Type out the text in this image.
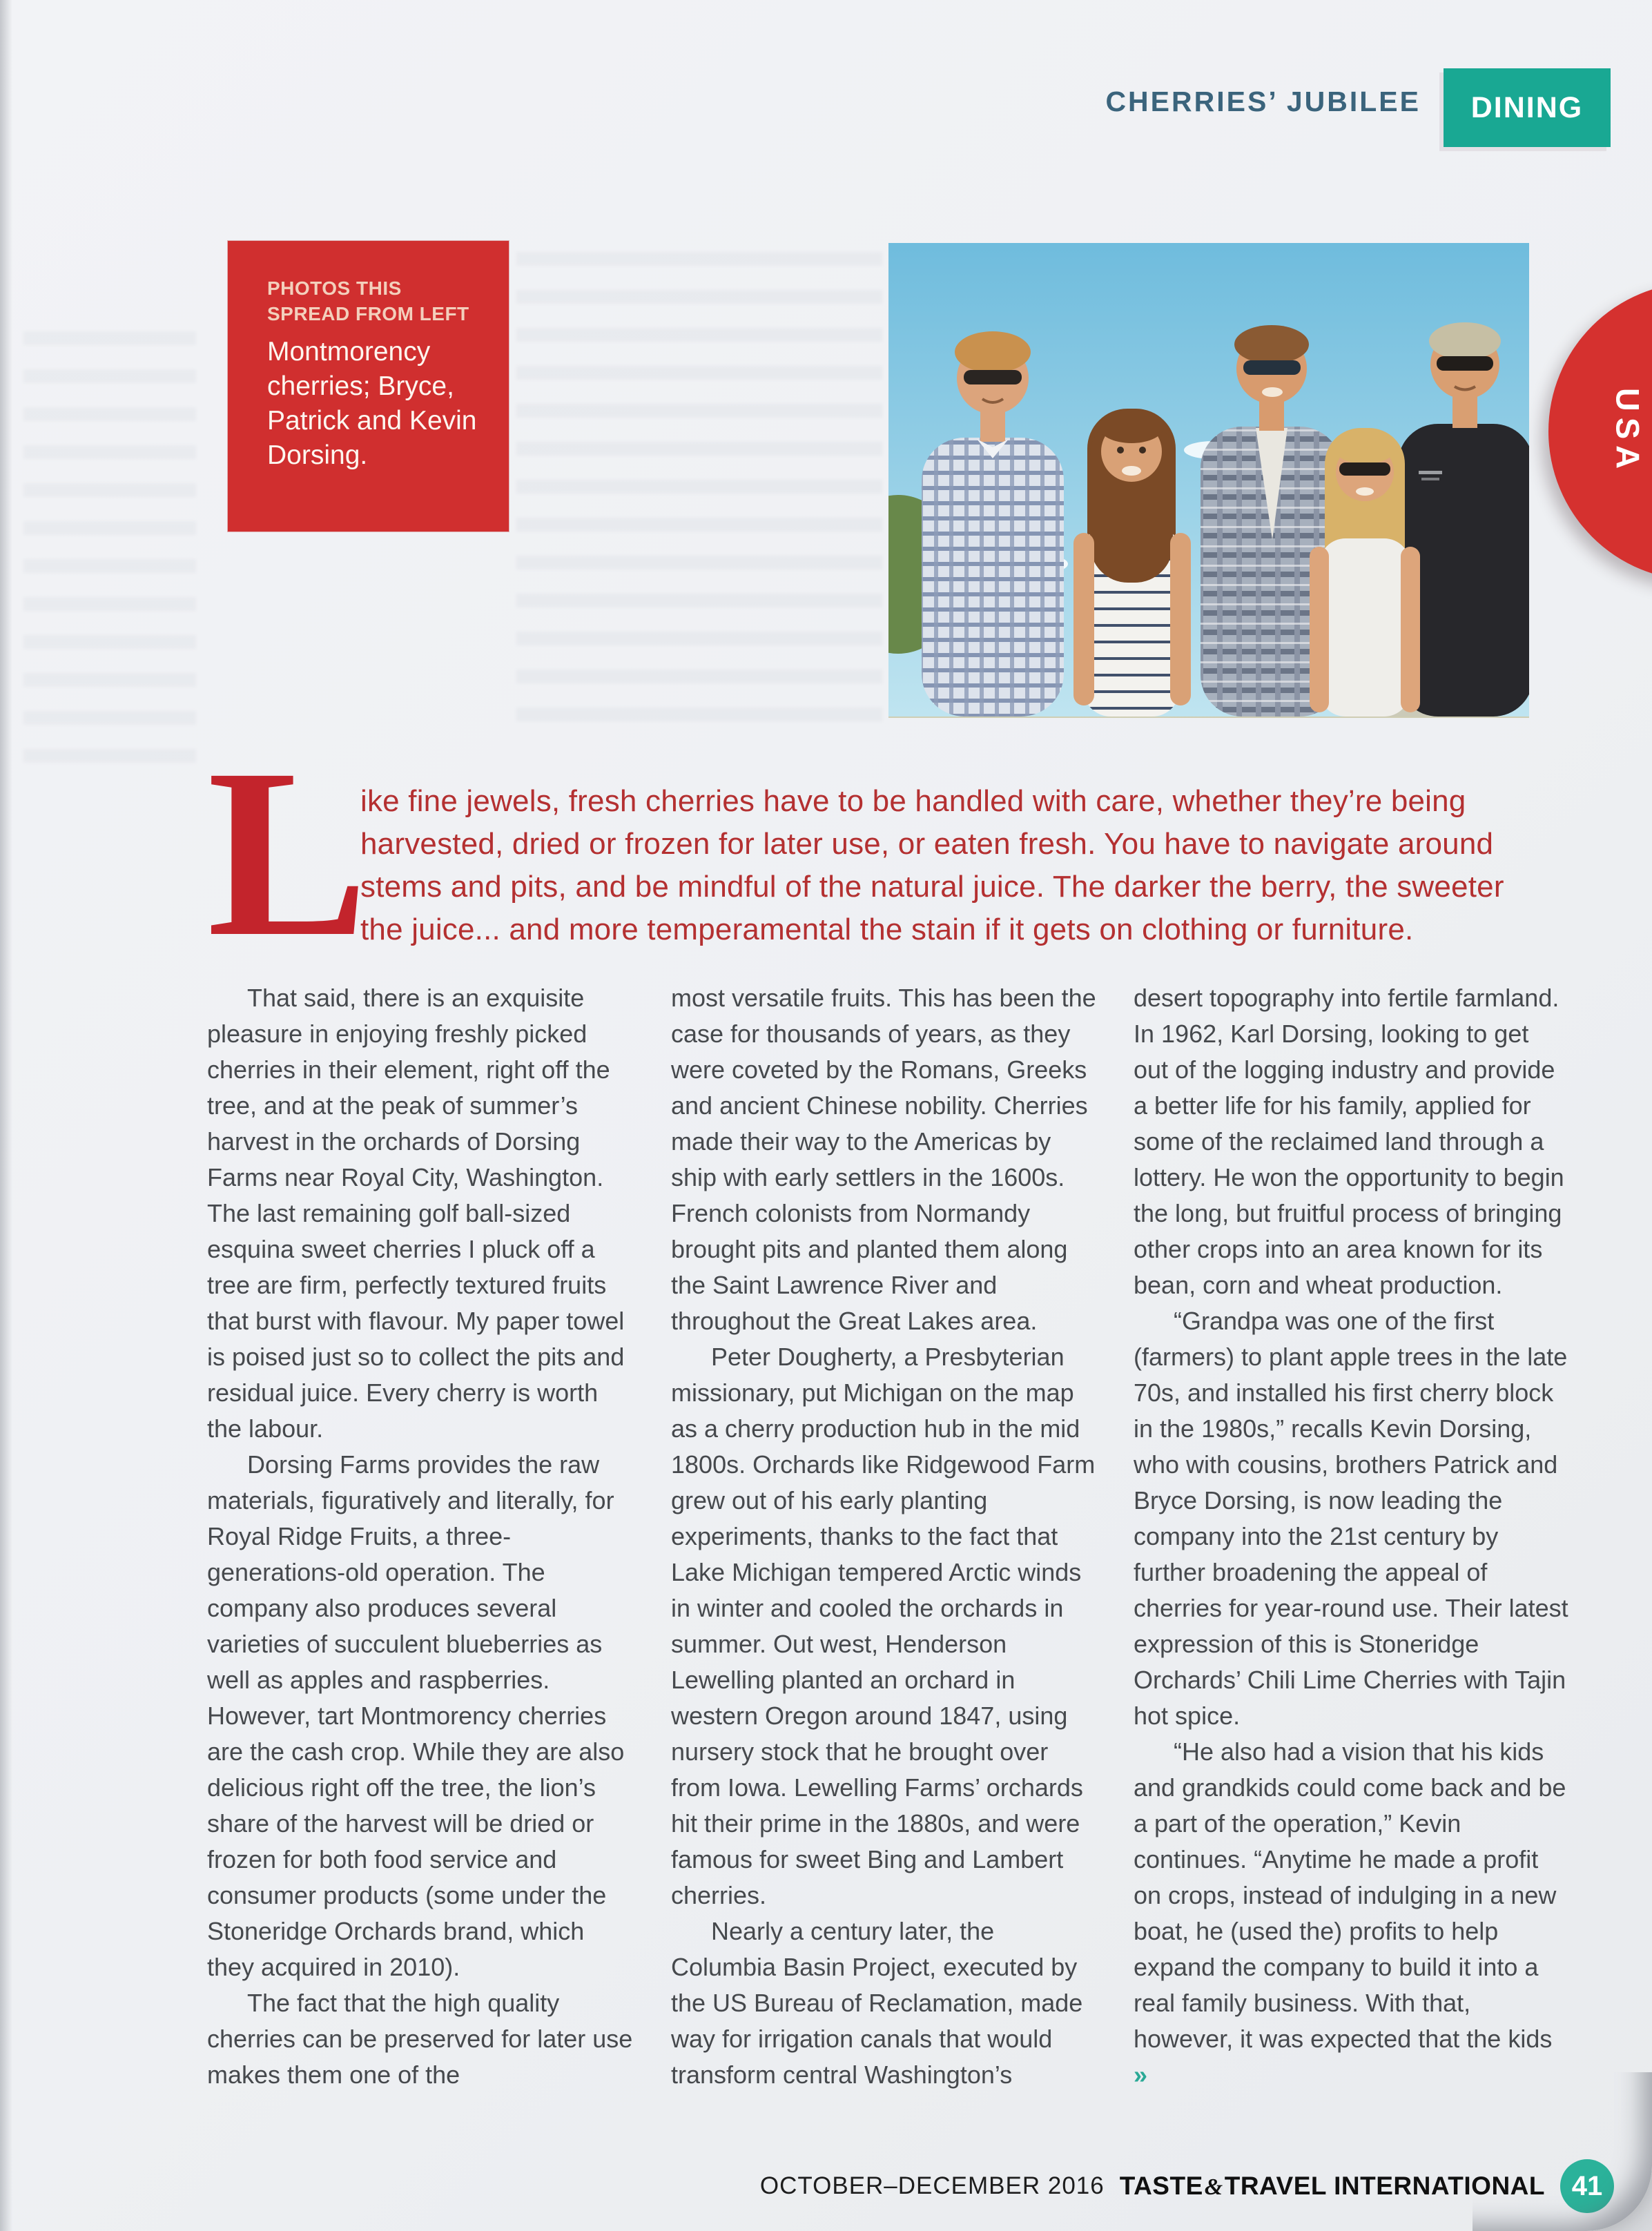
CHERRIES’ JUBILEE DINING
USA
PHOTOS THIS
SPREAD FROM LEFT
Montmorency cherries; Bryce, Patrick and Kevin Dorsing.
L
ike fine jewels, fresh cherries have to be handled with care, whether they’re being
harvested, dried or frozen for later use, or eaten fresh. You have to navigate around
stems and pits, and be mindful of the natural juice. The darker the berry, the sweeter
the juice... and more temperamental the stain if it gets on clothing or furniture.

That said, there is an exquisite pleasure in enjoying freshly picked cherries in their element, right off the tree, and at the peak of summer’s harvest in the orchards of Dorsing Farms near Royal City, Washington. The last remaining golf ball-sized esquina sweet cherries I pluck off a tree are firm, perfectly textured fruits that burst with flavour. My paper towel is poised just so to collect the pits and residual juice. Every cherry is worth the labour.

Dorsing Farms provides the raw materials, figuratively and literally, for Royal Ridge Fruits, a three-generations-old operation. The company also produces several varieties of succulent blueberries as well as apples and raspberries. However, tart Montmorency cherries are the cash crop. While they are also delicious right off the tree, the lion’s share of the harvest will be dried or frozen for both food service and consumer products (some under the Stoneridge Orchards brand, which they acquired in 2010).

The fact that the high quality cherries can be preserved for later use makes them one of the

most versatile fruits. This has been the case for thousands of years, as they were coveted by the Romans, Greeks and ancient Chinese nobility. Cherries made their way to the Americas by ship with early settlers in the 1600s. French colonists from Normandy brought pits and planted them along the Saint Lawrence River and throughout the Great Lakes area.

Peter Dougherty, a Presbyterian missionary, put Michigan on the map as a cherry production hub in the mid 1800s. Orchards like Ridgewood Farm grew out of his early planting experiments, thanks to the fact that Lake Michigan tempered Arctic winds in winter and cooled the orchards in summer. Out west, Henderson Lewelling planted an orchard in western Oregon around 1847, using nursery stock that he brought over from Iowa. Lewelling Farms’ orchards hit their prime in the 1880s, and were famous for sweet Bing and Lambert cherries.

Nearly a century later, the Columbia Basin Project, executed by the US Bureau of Reclamation, made way for irrigation canals that would transform central Washington’s

desert topography into fertile farmland. In 1962, Karl Dorsing, looking to get out of the logging industry and provide a better life for his family, applied for some of the reclaimed land through a lottery. He won the opportunity to begin the long, but fruitful process of bringing other crops into an area known for its bean, corn and wheat production.

“Grandpa was one of the first (farmers) to plant apple trees in the late 70s, and installed his first cherry block in the 1980s,” recalls Kevin Dorsing, who with cousins, brothers Patrick and Bryce Dorsing, is now leading the company into the 21st century by further broadening the appeal of cherries for year-round use. Their latest expression of this is Stoneridge Orchards’ Chili Lime Cherries with Tajin hot spice.

“He also had a vision that his kids and grandkids could come back and be a part of the operation,” Kevin continues. “Anytime he made a profit on crops, instead of indulging in a new boat, he (used the) profits to help expand the company to build it into a real family business. With that, however, it was expected that the kids »

OCTOBER–DECEMBER 2016 TASTE&TRAVEL INTERNATIONAL 41
